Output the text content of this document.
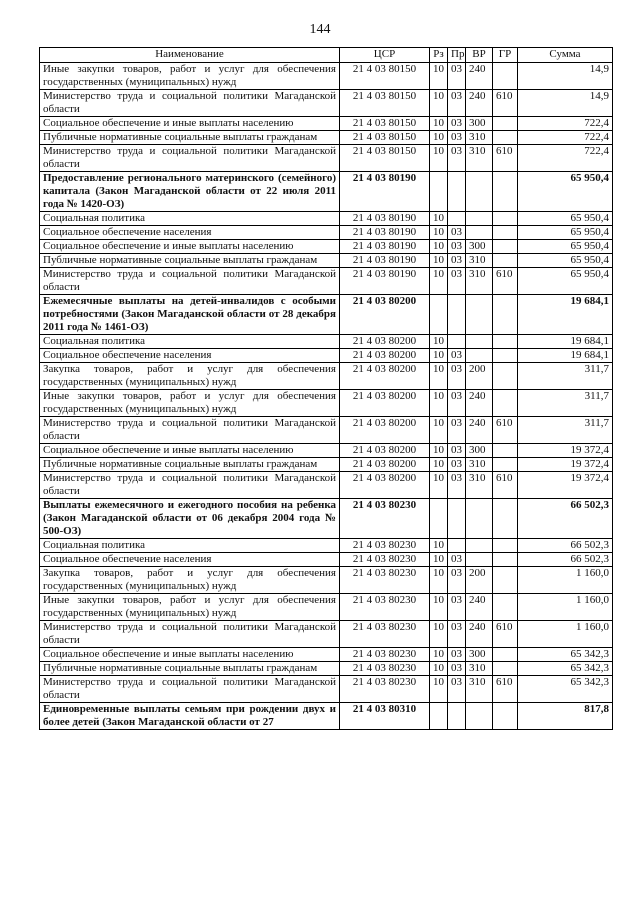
144
Наименование	ЦСР	Рз	Пр	ВР	ГР	Сумма
Иные закупки товаров, работ и услуг для обеспечения государственных (муниципальных) нужд	21 4 03 80150	10	03	240		14,9
Министерство труда и социальной политики Магаданской области	21 4 03 80150	10	03	240	610	14,9
Социальное обеспечение и иные выплаты населению	21 4 03 80150	10	03	300		722,4
Публичные нормативные социальные выплаты гражданам	21 4 03 80150	10	03	310		722,4
Министерство труда и социальной политики Магаданской области	21 4 03 80150	10	03	310	610	722,4
Предоставление регионального материнского (семейного) капитала (Закон Магаданской области от 22 июля 2011 года № 1420-ОЗ)	21 4 03 80190					65 950,4
Социальная политика	21 4 03 80190	10				65 950,4
Социальное обеспечение населения	21 4 03 80190	10	03			65 950,4
Социальное обеспечение и иные выплаты населению	21 4 03 80190	10	03	300		65 950,4
Публичные нормативные социальные выплаты гражданам	21 4 03 80190	10	03	310		65 950,4
Министерство труда и социальной политики Магаданской области	21 4 03 80190	10	03	310	610	65 950,4
Ежемесячные выплаты на детей-инвалидов с особыми потребностями (Закон Магаданской области от 28 декабря 2011 года № 1461-ОЗ)	21 4 03 80200					19 684,1
Социальная политика	21 4 03 80200	10				19 684,1
Социальное обеспечение населения	21 4 03 80200	10	03			19 684,1
Закупка товаров, работ и услуг для обеспечения государственных (муниципальных) нужд	21 4 03 80200	10	03	200		311,7
Иные закупки товаров, работ и услуг для обеспечения государственных (муниципальных) нужд	21 4 03 80200	10	03	240		311,7
Министерство труда и социальной политики Магаданской области	21 4 03 80200	10	03	240	610	311,7
Социальное обеспечение и иные выплаты населению	21 4 03 80200	10	03	300		19 372,4
Публичные нормативные социальные выплаты гражданам	21 4 03 80200	10	03	310		19 372,4
Министерство труда и социальной политики Магаданской области	21 4 03 80200	10	03	310	610	19 372,4
Выплаты ежемесячного и ежегодного пособия на ребенка (Закон Магаданской области от 06 декабря 2004 года № 500-ОЗ)	21 4 03 80230					66 502,3
Социальная политика	21 4 03 80230	10				66 502,3
Социальное обеспечение населения	21 4 03 80230	10	03			66 502,3
Закупка товаров, работ и услуг для обеспечения государственных (муниципальных) нужд	21 4 03 80230	10	03	200		1 160,0
Иные закупки товаров, работ и услуг для обеспечения государственных (муниципальных) нужд	21 4 03 80230	10	03	240		1 160,0
Министерство труда и социальной политики Магаданской области	21 4 03 80230	10	03	240	610	1 160,0
Социальное обеспечение и иные выплаты населению	21 4 03 80230	10	03	300		65 342,3
Публичные нормативные социальные выплаты гражданам	21 4 03 80230	10	03	310		65 342,3
Министерство труда и социальной политики Магаданской области	21 4 03 80230	10	03	310	610	65 342,3
Единовременные выплаты семьям при рождении двух и более детей (Закон Магаданской области от 27	21 4 03 80310					817,8
